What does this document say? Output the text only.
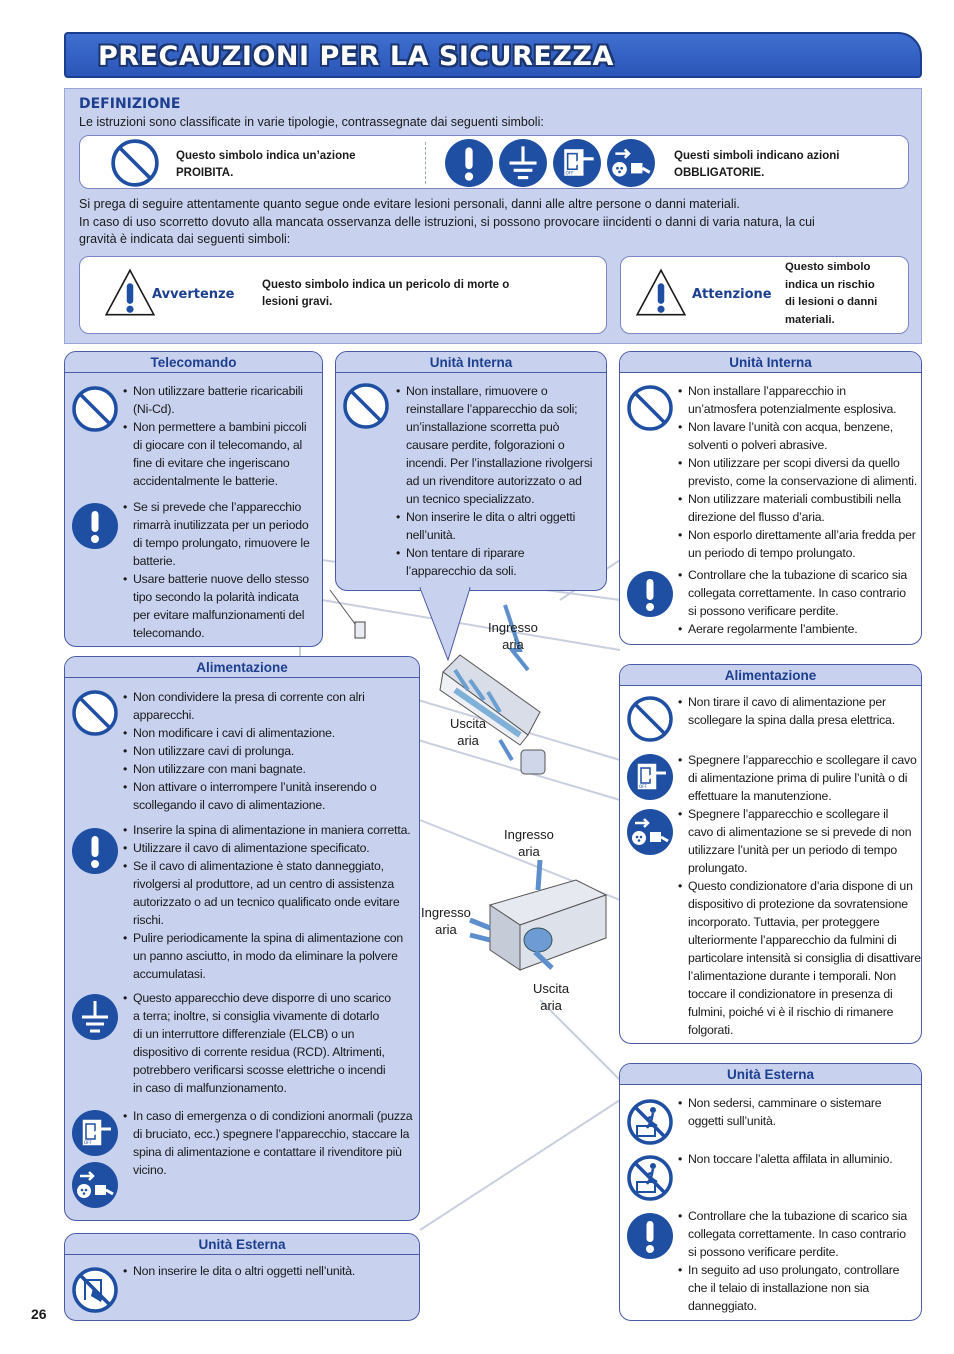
PRECAUZIONI PER LA SICUREZZA
DEFINIZIONE
Le istruzioni sono classificate in varie tipologie, contrassegnate dai seguenti simboli:
Questo simbolo indica un’azione
PROIBITA.
Questi simboli indicano azioni
OBBLIGATORIE.
Si prega di seguire attentamente quanto segue onde evitare lesioni personali, danni alle altre persone o danni materiali.
In caso di uso scorretto dovuto alla mancata osservanza delle istruzioni, si possono provocare iincidenti o danni di varia natura, la cui
gravità è indicata dai seguenti simboli:
Avvertenze
Questo simbolo indica un pericolo di morte o
lesioni gravi.	Attenzione
Questo simbolo
indica un rischio
di lesioni o danni
materiali.
Ingresso
aria
Uscita
aria
Ingresso
aria
Ingresso
aria
Uscita
aria
Telecomando
• Non utilizzare batterie ricaricabili
(Ni-Cd).
• Non permettere a bambini piccoli
di giocare con il telecomando, al
fine di evitare che ingeriscano
accidentalmente le batterie.
• Se si prevede che l’apparecchio
rimarrà inutilizzata per un periodo
di tempo prolungato, rimuovere le
batterie.
• Usare batterie nuove dello stesso
tipo secondo la polarità indicata
per evitare malfunzionamenti del
telecomando.
Unità Interna
• Non installare, rimuovere o
reinstallare l’apparecchio da soli;
un’installazione scorretta può
causare perdite, folgorazioni o
incendi. Per l’installazione rivolgersi
ad un rivenditore autorizzato o ad
un tecnico specializzato.
• Non inserire le dita o altri oggetti
nell’unità.
• Non tentare di riparare
l’apparecchio da soli.
Unità Interna
• Non installare l’apparecchio in
un’atmosfera potenzialmente esplosiva.
• Non lavare l’unità con acqua, benzene,
solventi o polveri abrasive.
• Non utilizzare per scopi diversi da quello
previsto, come la conservazione di alimenti.
• Non utilizzare materiali combustibili nella
direzione del flusso d’aria.
• Non esporlo direttamente all’aria fredda per
un periodo di tempo prolungato.
• Controllare che la tubazione di scarico sia
collegata correttamente. In caso contrario
si possono verificare perdite.
• Aerare regolarmente l’ambiente.
Alimentazione
• Non condividere la presa di corrente con alri
apparecchi.
• Non modificare i cavi di alimentazione.
• Non utilizzare cavi di prolunga.
• Non utilizzare con mani bagnate.
• Non attivare o interrompere l’unità inserendo o
scollegando il cavo di alimentazione.
• Inserire la spina di alimentazione in maniera corretta.
• Utilizzare il cavo di alimentazione specificato.
• Se il cavo di alimentazione è stato danneggiato,
rivolgersi al produttore, ad un centro di assistenza
autorizzato o ad un tecnico qualificato onde evitare
rischi.
• Pulire periodicamente la spina di alimentazione con
un panno asciutto, in modo da eliminare la polvere
accumulatasi.
• Questo apparecchio deve disporre di uno scarico
a terra; inoltre, si consiglia vivamente di dotarlo
di un interruttore differenziale (ELCB) o un
dispositivo di corrente residua (RCD). Altrimenti,
potrebbero verificarsi scosse elettriche o incendi
in caso di malfunzionamento.
• In caso di emergenza o di condizioni anormali (puzza
di bruciato, ecc.) spegnere l’apparecchio, staccare la
spina di alimentazione e contattare il rivenditore più
vicino.
Alimentazione
• Non tirare il cavo di alimentazione per
scollegare la spina dalla presa elettrica.
• Spegnere l’apparecchio e scollegare il cavo
di alimentazione prima di pulire l’unità o di
effettuare la manutenzione.
• Spegnere l’apparecchio e scollegare il
cavo di alimentazione se si prevede di non
utilizzare l’unità per un periodo di tempo
prolungato.
• Questo condizionatore d’aria dispone di un
dispositivo di protezione da sovratensione
incorporato. Tuttavia, per proteggere
ulteriormente l’apparecchio da fulmini di
particolare intensità si consiglia di disattivare
l’alimentazione durante i temporali. Non
toccare il condizionatore in presenza di
fulmini, poiché vi è il rischio di rimanere
folgorati.
Unità Esterna
• Non inserire le dita o altri oggetti nell’unità.
Unità Esterna
• Non sedersi, camminare o sistemare
oggetti sull’unità.
• Non toccare l’aletta affilata in alluminio.
• Controllare che la tubazione di scarico sia
collegata correttamente. In caso contrario
si possono verificare perdite.
• In seguito ad uso prolungato, controllare
che il telaio di installazione non sia
danneggiato.
26
